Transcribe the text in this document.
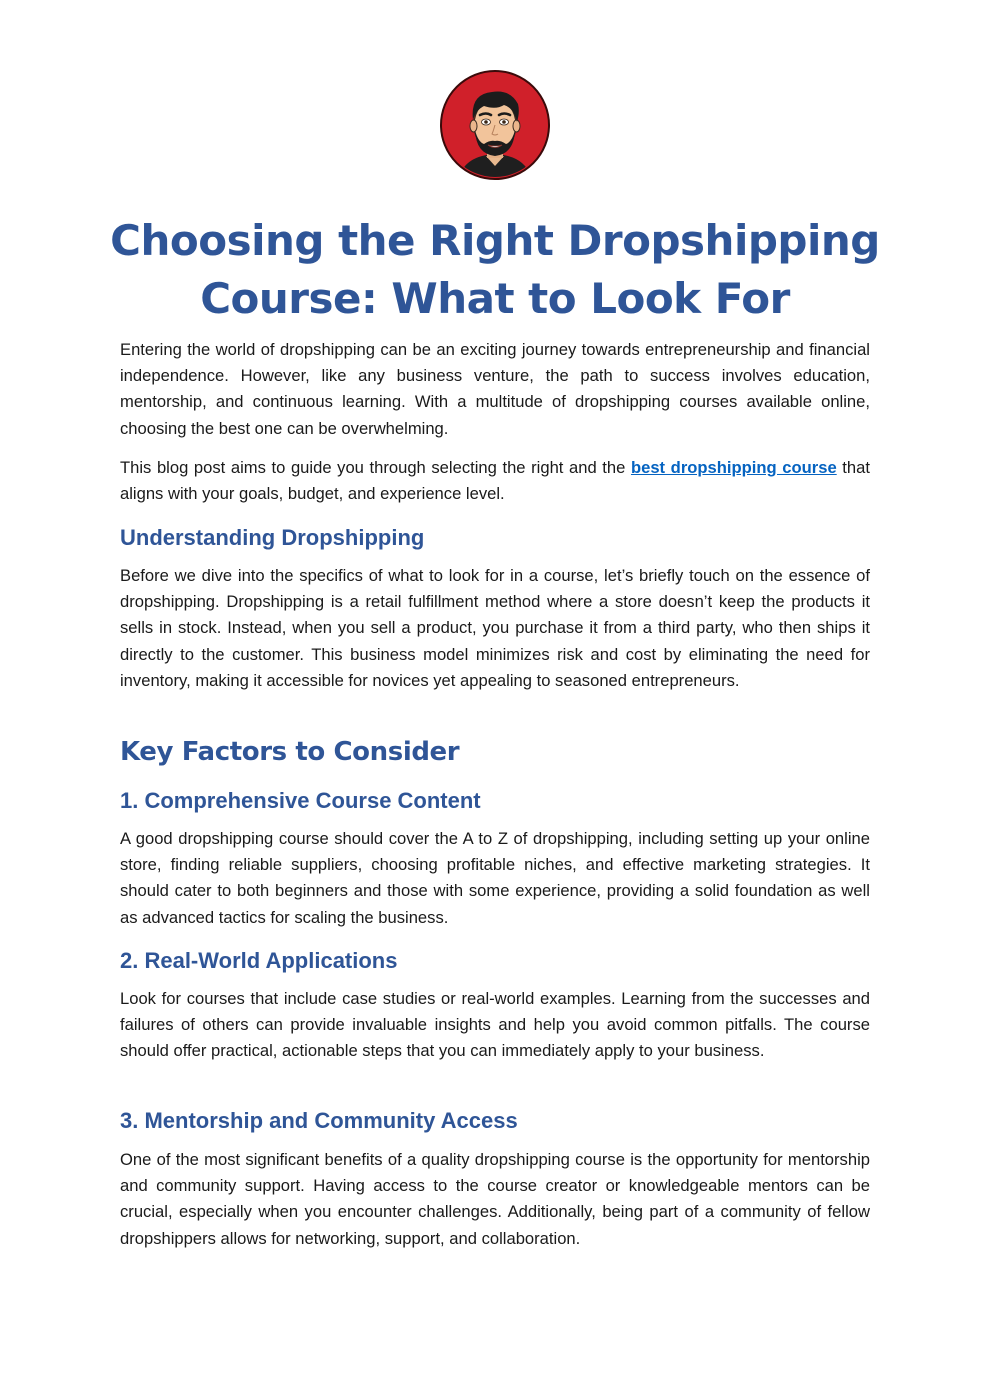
Choosing the Right Dropshipping Course: What to Look For

Entering the world of dropshipping can be an exciting journey towards entrepreneurship and financial independence. However, like any business venture, the path to success involves education, mentorship, and continuous learning. With a multitude of dropshipping courses available online, choosing the best one can be overwhelming.

This blog post aims to guide you through selecting the right and the best dropshipping course that aligns with your goals, budget, and experience level.

Understanding Dropshipping

Before we dive into the specifics of what to look for in a course, let’s briefly touch on the essence of dropshipping. Dropshipping is a retail fulfillment method where a store doesn’t keep the products it sells in stock. Instead, when you sell a product, you purchase it from a third party, who then ships it directly to the customer. This business model minimizes risk and cost by eliminating the need for inventory, making it accessible for novices yet appealing to seasoned entrepreneurs.

Key Factors to Consider
1. Comprehensive Course Content

A good dropshipping course should cover the A to Z of dropshipping, including setting up your online store, finding reliable suppliers, choosing profitable niches, and effective marketing strategies. It should cater to both beginners and those with some experience, providing a solid foundation as well as advanced tactics for scaling the business.

2. Real-World Applications

Look for courses that include case studies or real-world examples. Learning from the successes and failures of others can provide invaluable insights and help you avoid common pitfalls. The course should offer practical, actionable steps that you can immediately apply to your business.

3. Mentorship and Community Access

One of the most significant benefits of a quality dropshipping course is the opportunity for mentorship and community support. Having access to the course creator or knowledgeable mentors can be crucial, especially when you encounter challenges. Additionally, being part of a community of fellow dropshippers allows for networking, support, and collaboration.
